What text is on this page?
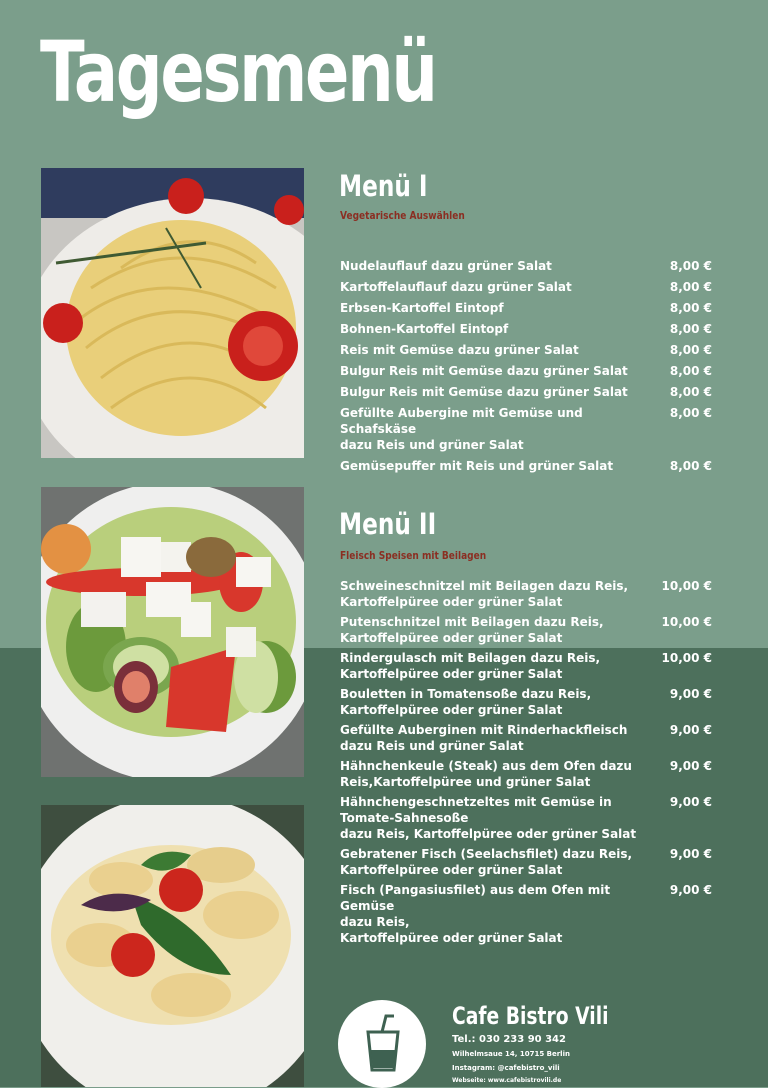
Tagesmenü
Menü I
Vegetarische Auswählen
Nudelauflauf dazu grüner Salat	8,00 €
Kartoffelauflauf dazu grüner Salat	8,00 €
Erbsen-Kartoffel Eintopf	8,00 €
Bohnen-Kartoffel Eintopf	8,00 €
Reis mit Gemüse dazu grüner Salat	8,00 €
Bulgur Reis mit Gemüse dazu grüner Salat	8,00 €
Bulgur Reis mit Gemüse dazu grüner Salat	8,00 €
Gefüllte Aubergine mit Gemüse und Schafskäse
dazu Reis und grüner Salat
8,00 €
Gemüsepuffer mit Reis und grüner Salat	8,00 €
Menü II
Fleisch Speisen mit Beilagen
Schweineschnitzel mit Beilagen dazu Reis,
Kartoffelpüree oder grüner Salat
10,00 €
Putenschnitzel mit Beilagen dazu Reis,
Kartoffelpüree oder grüner Salat
10,00 €
Rindergulasch mit Beilagen dazu Reis,
Kartoffelpüree oder grüner Salat
10,00 €
Bouletten in Tomatensoße dazu Reis,
Kartoffelpüree oder grüner Salat
9,00 €
Gefüllte Auberginen mit Rinderhackfleisch
dazu Reis und grüner Salat
9,00 €
Hähnchenkeule (Steak) aus dem Ofen dazu
Reis,Kartoffelpüree und grüner Salat
9,00 €
Hähnchengeschnetzeltes mit Gemüse in
Tomate-Sahnesoße
dazu Reis, Kartoffelpüree oder grüner Salat
9,00 €
Gebratener Fisch (Seelachsfilet) dazu Reis,
Kartoffelpüree oder grüner Salat
9,00 €
Fisch (Pangasiusfilet) aus dem Ofen mit Gemüse
dazu Reis,
Kartoffelpüree oder grüner Salat
9,00 €
Cafe Bistro Vili
Tel.: 030 233 90 342
Wilhelmsaue 14, 10715 Berlin
Instagram: @cafebistro_vili
Webseite: www.cafebistrovili.de
